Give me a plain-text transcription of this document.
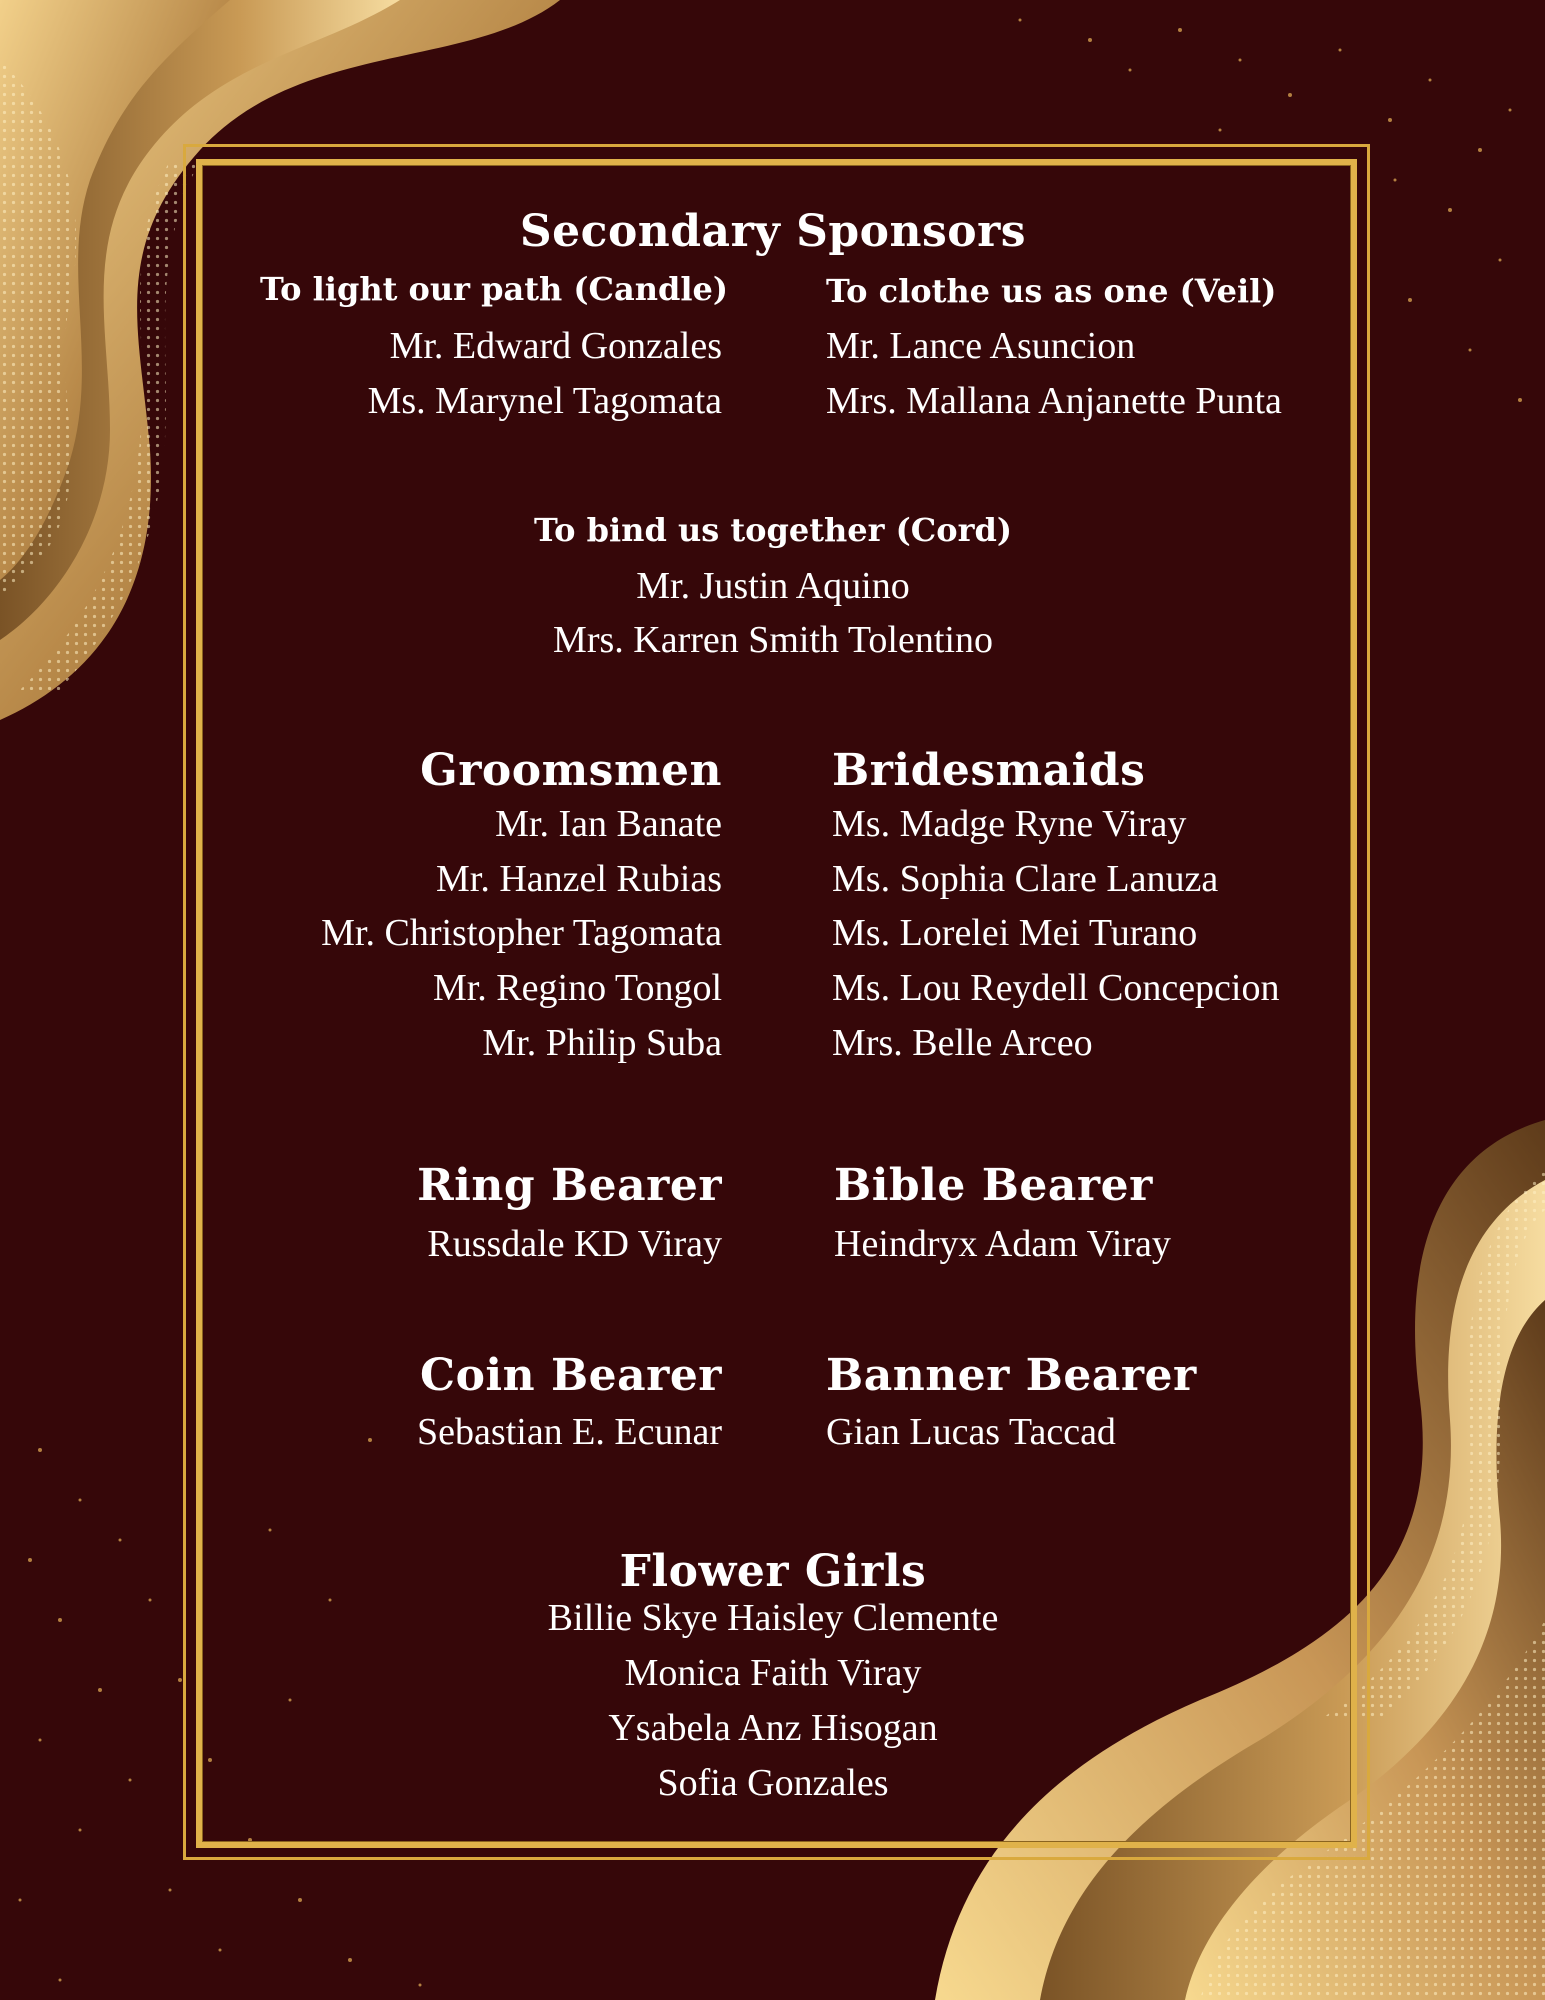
Secondary Sponsors
To light our path (Candle)
Mr. Edward Gonzales
Ms. Marynel Tagomata
To clothe us as one (Veil)
Mr. Lance Asuncion
Mrs. Mallana Anjanette Punta
To bind us together (Cord)
Mr. Justin Aquino
Mrs. Karren Smith Tolentino
Groomsmen
Mr. Ian Banate
Mr. Hanzel Rubias
Mr. Christopher Tagomata
Mr. Regino Tongol
Mr. Philip Suba
Bridesmaids
Ms. Madge Ryne Viray
Ms. Sophia Clare Lanuza
Ms. Lorelei Mei Turano
Ms. Lou Reydell Concepcion
Mrs. Belle Arceo
Ring Bearer
Russdale KD Viray
Bible Bearer
Heindryx Adam Viray
Coin Bearer
Sebastian E. Ecunar
Banner Bearer
Gian Lucas Taccad
Flower Girls
Billie Skye Haisley Clemente
Monica Faith Viray
Ysabela Anz Hisogan
Sofia Gonzales
